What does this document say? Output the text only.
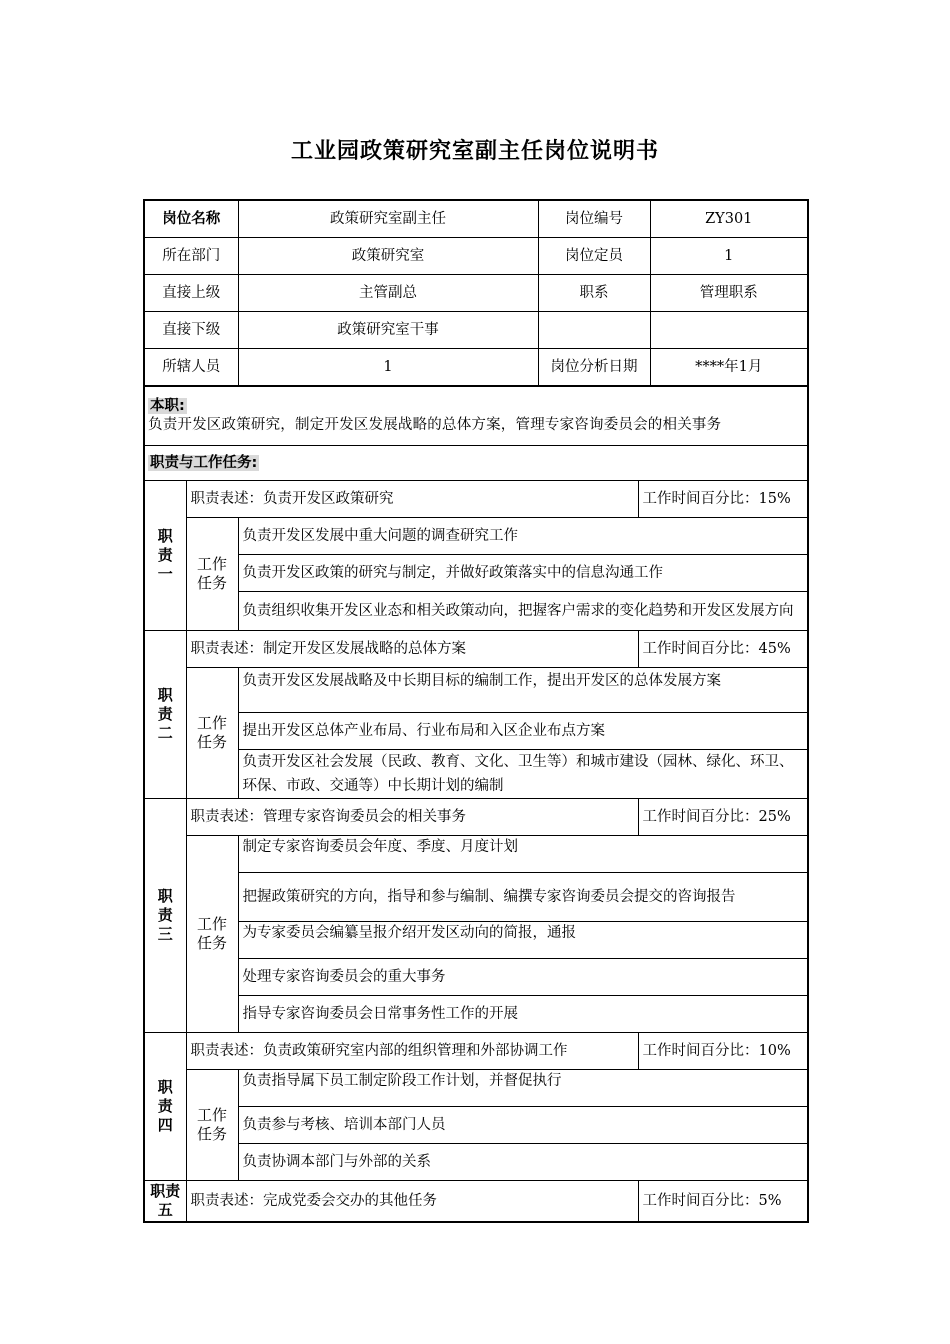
工业园政策研究室副主任岗位说明书
岗位名称		政策研究室副主任	岗位编号		ZY301
所在部门		政策研究室	岗位定员		1
直接上级		主管副总	职系		管理职系
直接下级		政策研究室干事			
所辖人员		1	岗位分析日期		****年1月

本职:
负责开发区政策研究，制定开发区发展战略的总体方案，管理专家咨询委员会的相关事务					

职责与工作任务:					
职责一	职责表述：负责开发区政策研究			工作时间百分比：15%	
	工作任务	负责开发区发展中重大问题的调查研究工作			
		负责开发区政策的研究与制定，并做好政策落实中的信息沟通工作			
		负责组织收集开发区业态和相关政策动向，把握客户需求的变化趋势和开发区发展方向			
职责二	职责表述：制定开发区发展战略的总体方案			工作时间百分比：45%	
	工作任务	负责开发区发展战略及中长期目标的编制工作，提出开发区的总体发展方案			
		提出开发区总体产业布局、行业布局和入区企业布点方案			
		负责开发区社会发展（民政、教育、文化、卫生等）和城市建设（园林、绿化、环卫、环保、市政、交通等）中长期计划的编制			
职责三	职责表述：管理专家咨询委员会的相关事务			工作时间百分比：25%	
	工作任务	制定专家咨询委员会年度、季度、月度计划			
		把握政策研究的方向，指导和参与编制、编撰专家咨询委员会提交的咨询报告			
		为专家委员会编纂呈报介绍开发区动向的简报，通报			
		处理专家咨询委员会的重大事务			
		指导专家咨询委员会日常事务性工作的开展			
职责四	职责表述：负责政策研究室内部的组织管理和外部协调工作			工作时间百分比：10%	
	工作任务	负责指导属下员工制定阶段工作计划，并督促执行			
		负责参与考核、培训本部门人员			
		负责协调本部门与外部的关系			
职责五	职责表述：完成党委会交办的其他任务			工作时间百分比：5%	
